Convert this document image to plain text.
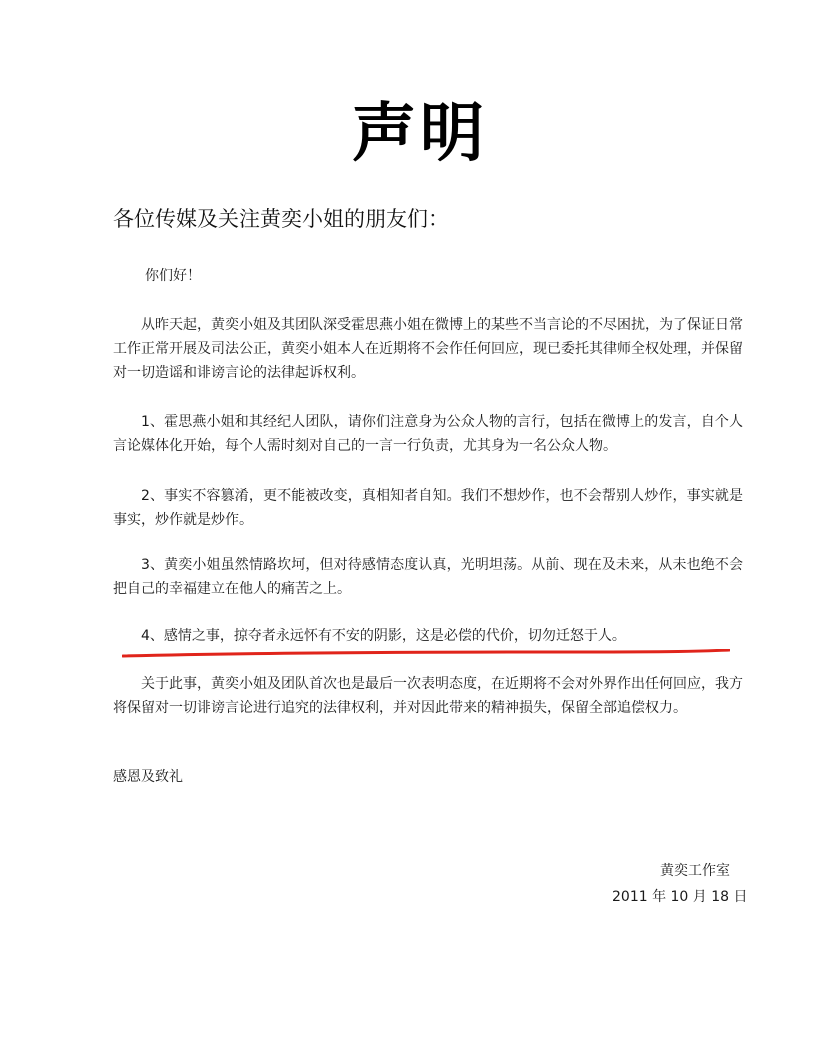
声明
各位传媒及关注黄奕小姐的朋友们：
你们好！
从昨天起，黄奕小姐及其团队深受霍思燕小姐在微博上的某些不当言论的不尽困扰，为了保证日常工作正常开展及司法公正，黄奕小姐本人在近期将不会作任何回应，现已委托其律师全权处理，并保留对一切造谣和诽谤言论的法律起诉权利。
1、霍思燕小姐和其经纪人团队，请你们注意身为公众人物的言行，包括在微博上的发言，自个人言论媒体化开始，每个人需时刻对自己的一言一行负责，尤其身为一名公众人物。
2、事实不容篡淆，更不能被改变，真相知者自知。我们不想炒作，也不会帮别人炒作，事实就是事实，炒作就是炒作。
3、黄奕小姐虽然情路坎坷，但对待感情态度认真，光明坦荡。从前、现在及未来，从未也绝不会把自己的幸福建立在他人的痛苦之上。
4、感情之事，掠夺者永远怀有不安的阴影，这是必偿的代价，切勿迁怒于人。
关于此事，黄奕小姐及团队首次也是最后一次表明态度，在近期将不会对外界作出任何回应，我方将保留对一切诽谤言论进行追究的法律权利，并对因此带来的精神损失，保留全部追偿权力。
感恩及致礼
黄奕工作室
2011 年 10 月 18 日
